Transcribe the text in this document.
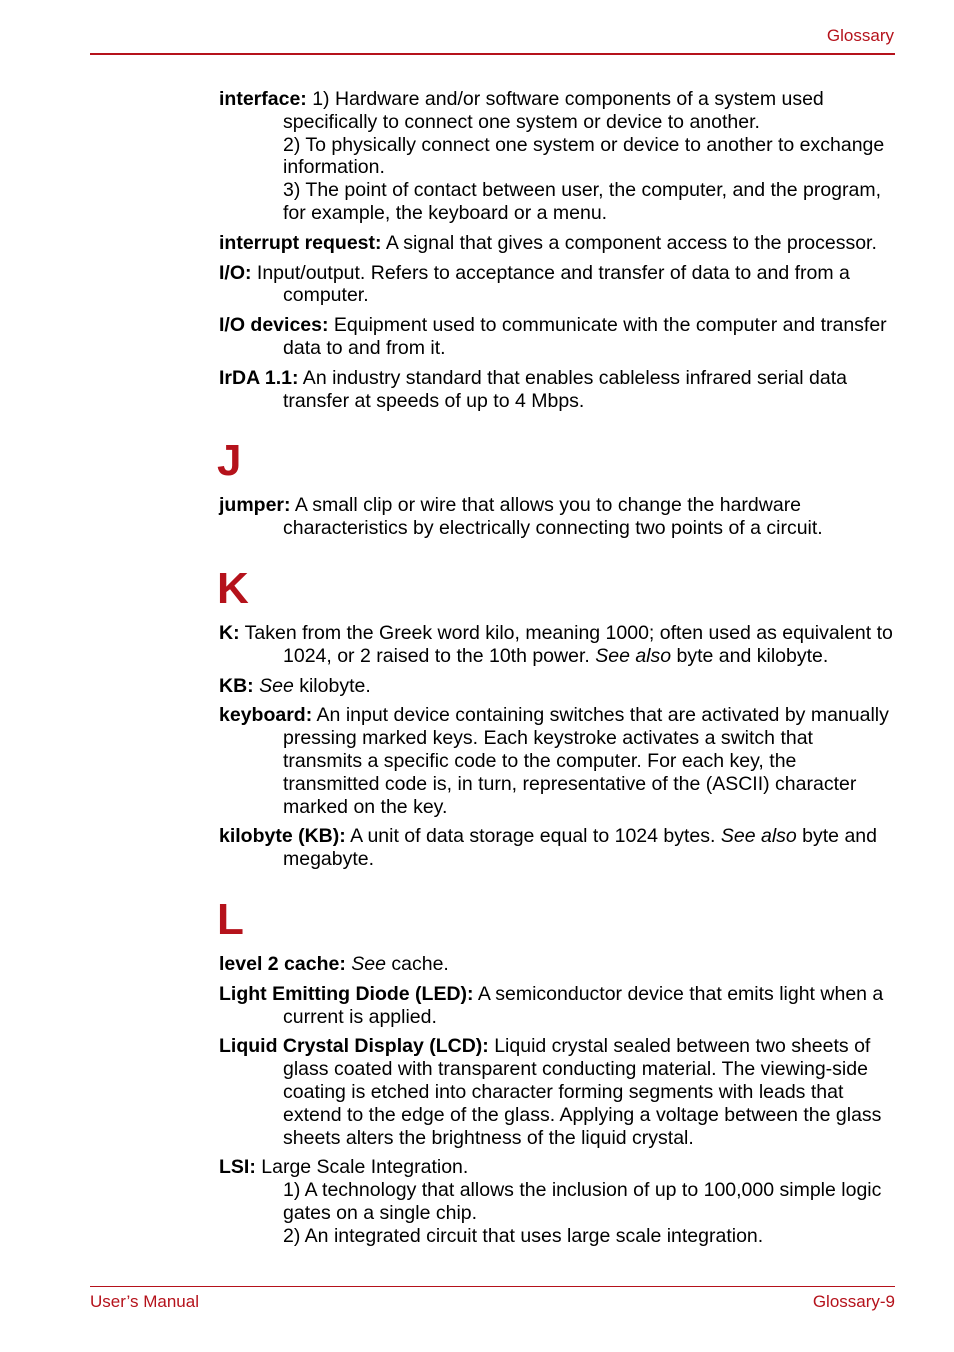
Glossary

interface: 1) Hardware and/or software components of a system used specifically to connect one system or device to another.
2) To physically connect one system or device to another to exchange information.
3) The point of contact between user, the computer, and the program, for example, the keyboard or a menu.

interrupt request: A signal that gives a component access to the processor.

I/O: Input/output. Refers to acceptance and transfer of data to and from a computer.

I/O devices: Equipment used to communicate with the computer and transfer data to and from it.

IrDA 1.1: An industry standard that enables cableless infrared serial data transfer at speeds of up to 4 Mbps.

J

jumper: A small clip or wire that allows you to change the hardware characteristics by electrically connecting two points of a circuit.

K

K: Taken from the Greek word kilo, meaning 1000; often used as equivalent to 1024, or 2 raised to the 10th power. See also byte and kilobyte.

KB: See kilobyte.

keyboard: An input device containing switches that are activated by manually pressing marked keys. Each keystroke activates a switch that transmits a specific code to the computer. For each key, the transmitted code is, in turn, representative of the (ASCII) character marked on the key.

kilobyte (KB): A unit of data storage equal to 1024 bytes. See also byte and megabyte.

L

level 2 cache: See cache.

Light Emitting Diode (LED): A semiconductor device that emits light when a current is applied.

Liquid Crystal Display (LCD): Liquid crystal sealed between two sheets of glass coated with transparent conducting material. The viewing-side coating is etched into character forming segments with leads that extend to the edge of the glass. Applying a voltage between the glass sheets alters the brightness of the liquid crystal.

LSI: Large Scale Integration.
1) A technology that allows the inclusion of up to 100,000 simple logic gates on a single chip.
2) An integrated circuit that uses large scale integration.

User’s Manual	Glossary-9
